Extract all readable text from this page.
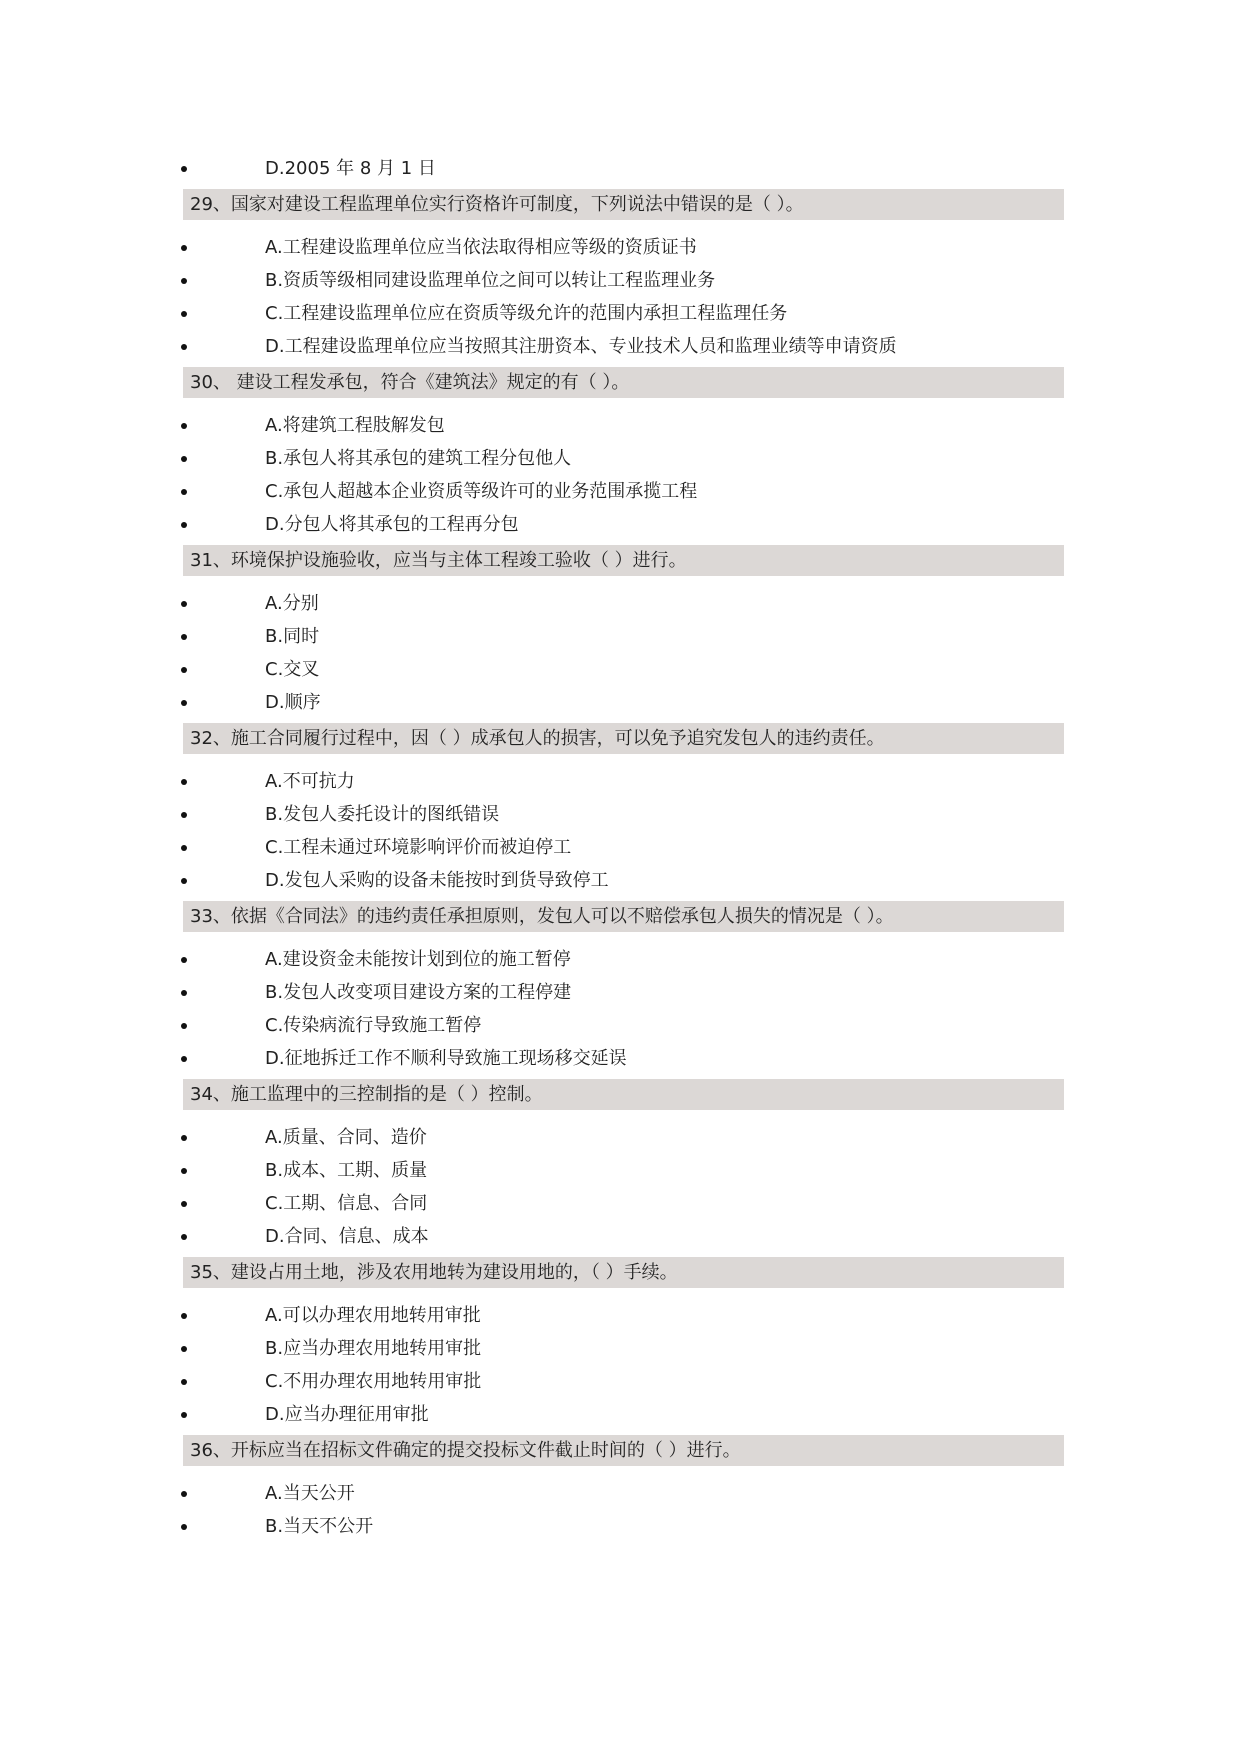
D.2005 年 8 月 1 日
29、国家对建设工程监理单位实行资格许可制度，下列说法中错误的是（ ）。
A.工程建设监理单位应当依法取得相应等级的资质证书
B.资质等级相同建设监理单位之间可以转让工程监理业务
C.工程建设监理单位应在资质等级允许的范围内承担工程监理任务
D.工程建设监理单位应当按照其注册资本、专业技术人员和监理业绩等申请资质
30、 建设工程发承包，符合《建筑法》规定的有（ ）。
A.将建筑工程肢解发包
B.承包人将其承包的建筑工程分包他人
C.承包人超越本企业资质等级许可的业务范围承揽工程
D.分包人将其承包的工程再分包
31、环境保护设施验收，应当与主体工程竣工验收（ ）进行。
A.分别
B.同时
C.交叉
D.顺序
32、施工合同履行过程中，因（ ）成承包人的损害，可以免予追究发包人的违约责任。
A.不可抗力
B.发包人委托设计的图纸错误
C.工程未通过环境影响评价而被迫停工
D.发包人采购的设备未能按时到货导致停工
33、依据《合同法》的违约责任承担原则，发包人可以不赔偿承包人损失的情况是（ ）。
A.建设资金未能按计划到位的施工暂停
B.发包人改变项目建设方案的工程停建
C.传染病流行导致施工暂停
D.征地拆迁工作不顺利导致施工现场移交延误
34、施工监理中的三控制指的是（ ）控制。
A.质量、合同、造价
B.成本、工期、质量
C.工期、信息、合同
D.合同、信息、成本
35、建设占用土地，涉及农用地转为建设用地的，（ ）手续。
A.可以办理农用地转用审批
B.应当办理农用地转用审批
C.不用办理农用地转用审批
D.应当办理征用审批
36、开标应当在招标文件确定的提交投标文件截止时间的（ ）进行。
A.当天公开
B.当天不公开
